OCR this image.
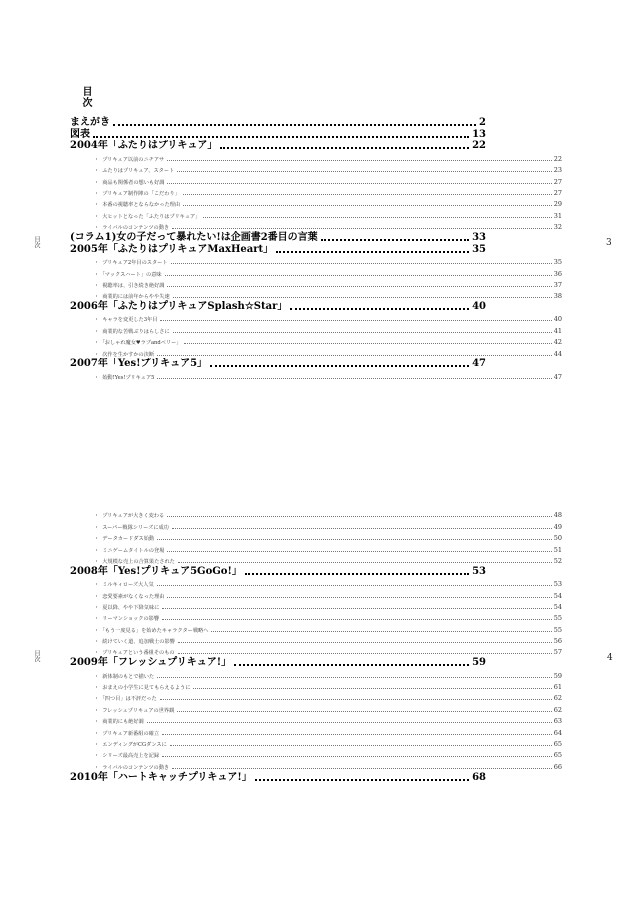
目次
目次	3
まえがき	2
図表	13
2004年「ふたりはプリキュア」	22
・ プリキュア以前のニチアサ	22
・ ふたりはプリキュア、スタート	23
・ 商品も関係者の想いも好調	27
・ プリキュア制作陣の「こだわり」	27
・ 本番の視聴率とならなかった理由	29
・ 大ヒットとなった「ふたりはプリキュア」	31
・ ライバルのコンテンツの動き	32
(コラム1)女の子だって暴れたい!は企画書2番目の言葉	33
2005年「ふたりはプリキュアMaxHeart」	35
・ プリキュア2年目のスタート	35
・ 「マックスハート」の意味	36
・ 視聴率は、引き続き絶好調	37
・ 商業的には前年からやや失速	38
2006年「ふたりはプリキュアSplash☆Star」	40
・ キャラを変更した3年目	40
・ 商業的な苦戦ぶりはらしさに	41
・ 「おしゃれ魔女♥ラブandベリー」	42
・ 次作を生かすかの決断	44
2007年「Yes!プリキュア5」	47
・ 始動!Yes!プリキュア5	47
目次	4
・ プリキュアが大きく変わる	48
・ スーパー戦隊シリーズに成功	49
・ データカードダス始動	50
・ ミニゲームタイトルの登場	51
・ 大規模な売上の合算果たされた	52
2008年「Yes!プリキュア5GoGo!」	53
・ ミルキィローズ大人気	53
・ 恋愛要素がなくなった理由	54
・ 夏以降、やや下降気味に	54
・ リーマンショックの影響	55
・ 「もう一度見る」を始めたキャラクター戦略へ	55
・ 続けていく道、追加戦士の影響	56
・ プリキュアという番組そのもの	57
2009年「フレッシュプリキュア!」	59
・ 新体制のもとで描いた	59
・ おまえの小学生に見てもらえるように	61
・ 「四つ目」は不評だった	62
・ フレッシュプリキュアの世界観	62
・ 商業的にも絶好調	63
・ プリキュア新番組の確立	64
・ エンディングがCGダンスに	65
・ シリーズ最高売上を記録	65
・ ライバルのコンテンツの動き	66
2010年「ハートキャッチプリキュア!」	68
